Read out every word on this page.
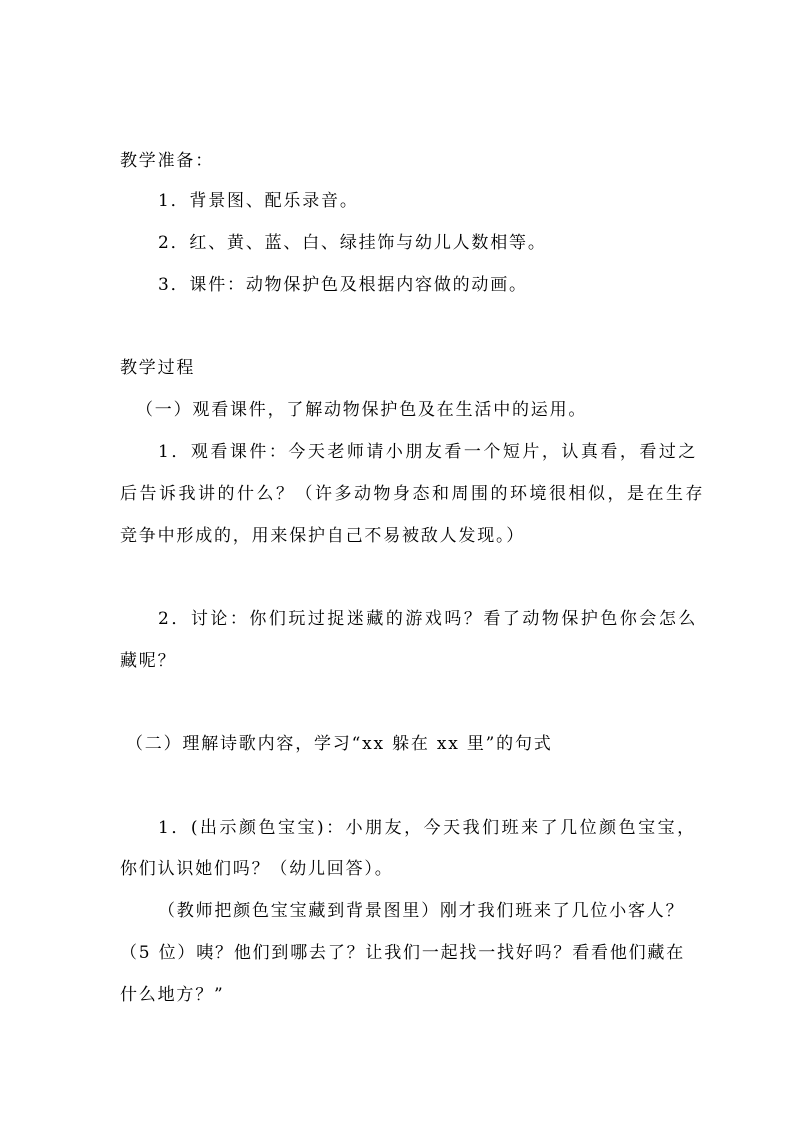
教学准备：
1．背景图、配乐录音。
2．红、黄、蓝、白、绿挂饰与幼儿人数相等。
3．课件：动物保护色及根据内容做的动画。
教学过程
（一）观看课件，了解动物保护色及在生活中的运用。
1．观看课件：今天老师请小朋友看一个短片，认真看，看过之
后告诉我讲的什么？（许多动物身态和周围的环境很相似，是在生存
竞争中形成的，用来保护自己不易被敌人发现。）
2．讨论：你们玩过捉迷藏的游戏吗？看了动物保护色你会怎么
藏呢？
（二）理解诗歌内容，学习“xx 躲在 xx 里”的句式
1．(出示颜色宝宝)：小朋友，今天我们班来了几位颜色宝宝，
你们认识她们吗？（幼儿回答）。
（教师把颜色宝宝藏到背景图里）刚才我们班来了几位小客人？
（5 位）咦？他们到哪去了？让我们一起找一找好吗？看看他们藏在
什么地方？”
